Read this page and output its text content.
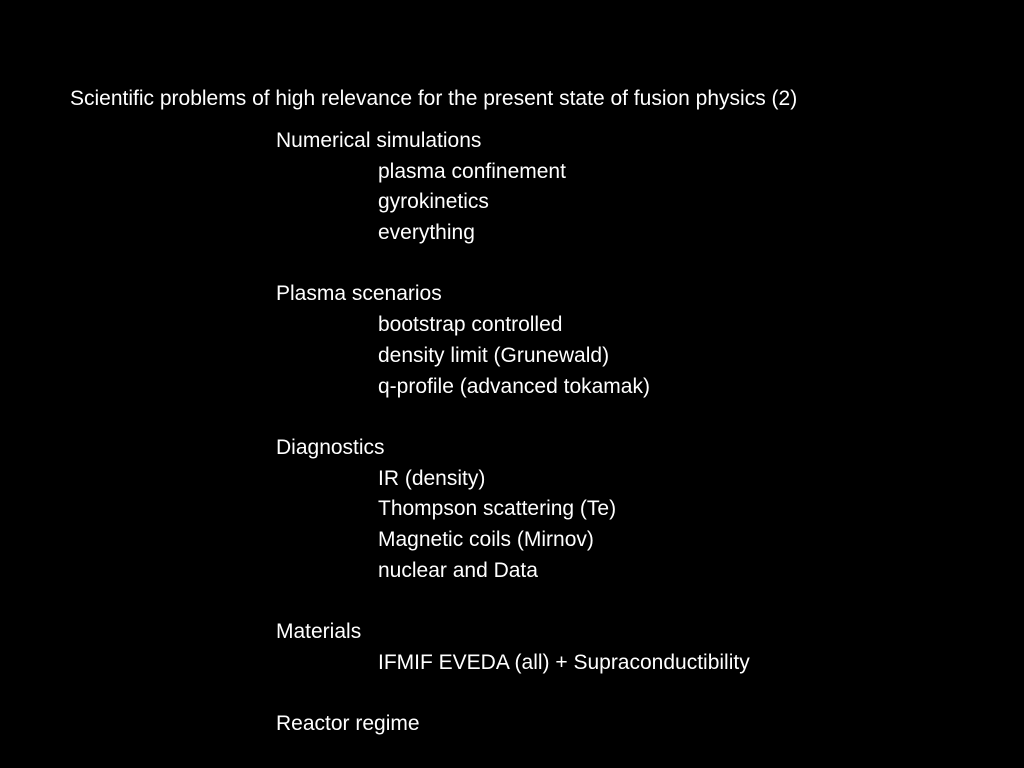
Scientific problems of high relevance for the present state of fusion physics (2)
Numerical simulations
plasma confinement
gyrokinetics
everything
Plasma scenarios
bootstrap controlled
density limit (Grunewald)
q-profile (advanced tokamak)
Diagnostics
IR (density)
Thompson scattering (Te)
Magnetic coils (Mirnov)
nuclear and Data
Materials
IFMIF EVEDA (all) + Supraconductibility
Reactor regime
